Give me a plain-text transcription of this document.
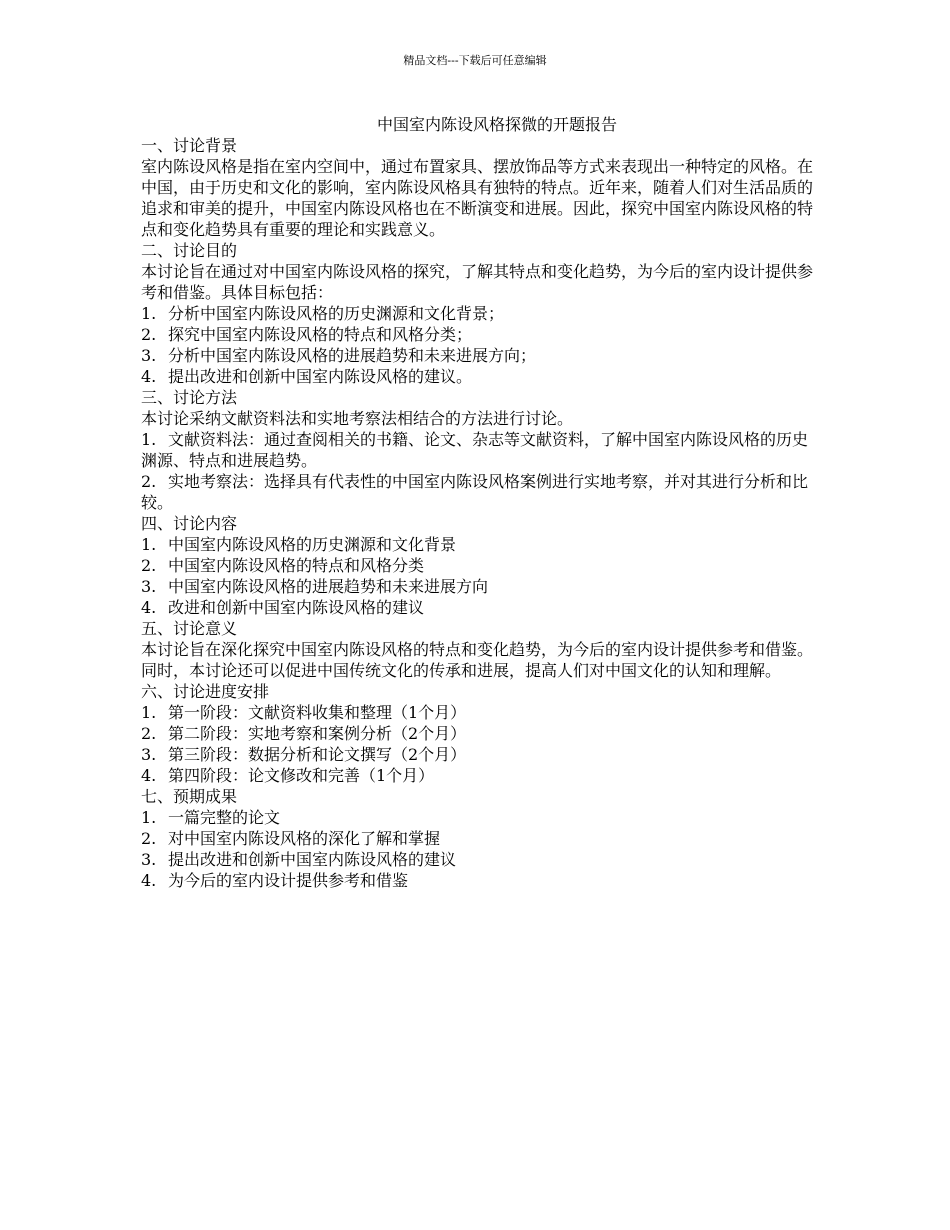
精品文档---下载后可任意编辑
中国室内陈设风格探微的开题报告
一、讨论背景

室内陈设风格是指在室内空间中，通过布置家具、摆放饰品等方式来表现出一种特定的风格。在中国，由于历史和文化的影响，室内陈设风格具有独特的特点。近年来，随着人们对生活品质的追求和审美的提升，中国室内陈设风格也在不断演变和进展。因此，探究中国室内陈设风格的特点和变化趋势具有重要的理论和实践意义。

二、讨论目的

本讨论旨在通过对中国室内陈设风格的探究，了解其特点和变化趋势，为今后的室内设计提供参考和借鉴。具体目标包括：

1. 分析中国室内陈设风格的历史渊源和文化背景；

2. 探究中国室内陈设风格的特点和风格分类；

3. 分析中国室内陈设风格的进展趋势和未来进展方向；

4. 提出改进和创新中国室内陈设风格的建议。

三、讨论方法

本讨论采纳文献资料法和实地考察法相结合的方法进行讨论。

1. 文献资料法：通过查阅相关的书籍、论文、杂志等文献资料，了解中国室内陈设风格的历史渊源、特点和进展趋势。

2. 实地考察法：选择具有代表性的中国室内陈设风格案例进行实地考察，并对其进行分析和比较。

四、讨论内容

1. 中国室内陈设风格的历史渊源和文化背景

2. 中国室内陈设风格的特点和风格分类

3. 中国室内陈设风格的进展趋势和未来进展方向

4. 改进和创新中国室内陈设风格的建议

五、讨论意义

本讨论旨在深化探究中国室内陈设风格的特点和变化趋势，为今后的室内设计提供参考和借鉴。同时，本讨论还可以促进中国传统文化的传承和进展，提高人们对中国文化的认知和理解。

六、讨论进度安排

1. 第一阶段：文献资料收集和整理（1个月）

2. 第二阶段：实地考察和案例分析（2个月）

3. 第三阶段：数据分析和论文撰写（2个月）

4. 第四阶段：论文修改和完善（1个月）

七、预期成果

1. 一篇完整的论文

2. 对中国室内陈设风格的深化了解和掌握

3. 提出改进和创新中国室内陈设风格的建议

4. 为今后的室内设计提供参考和借鉴
